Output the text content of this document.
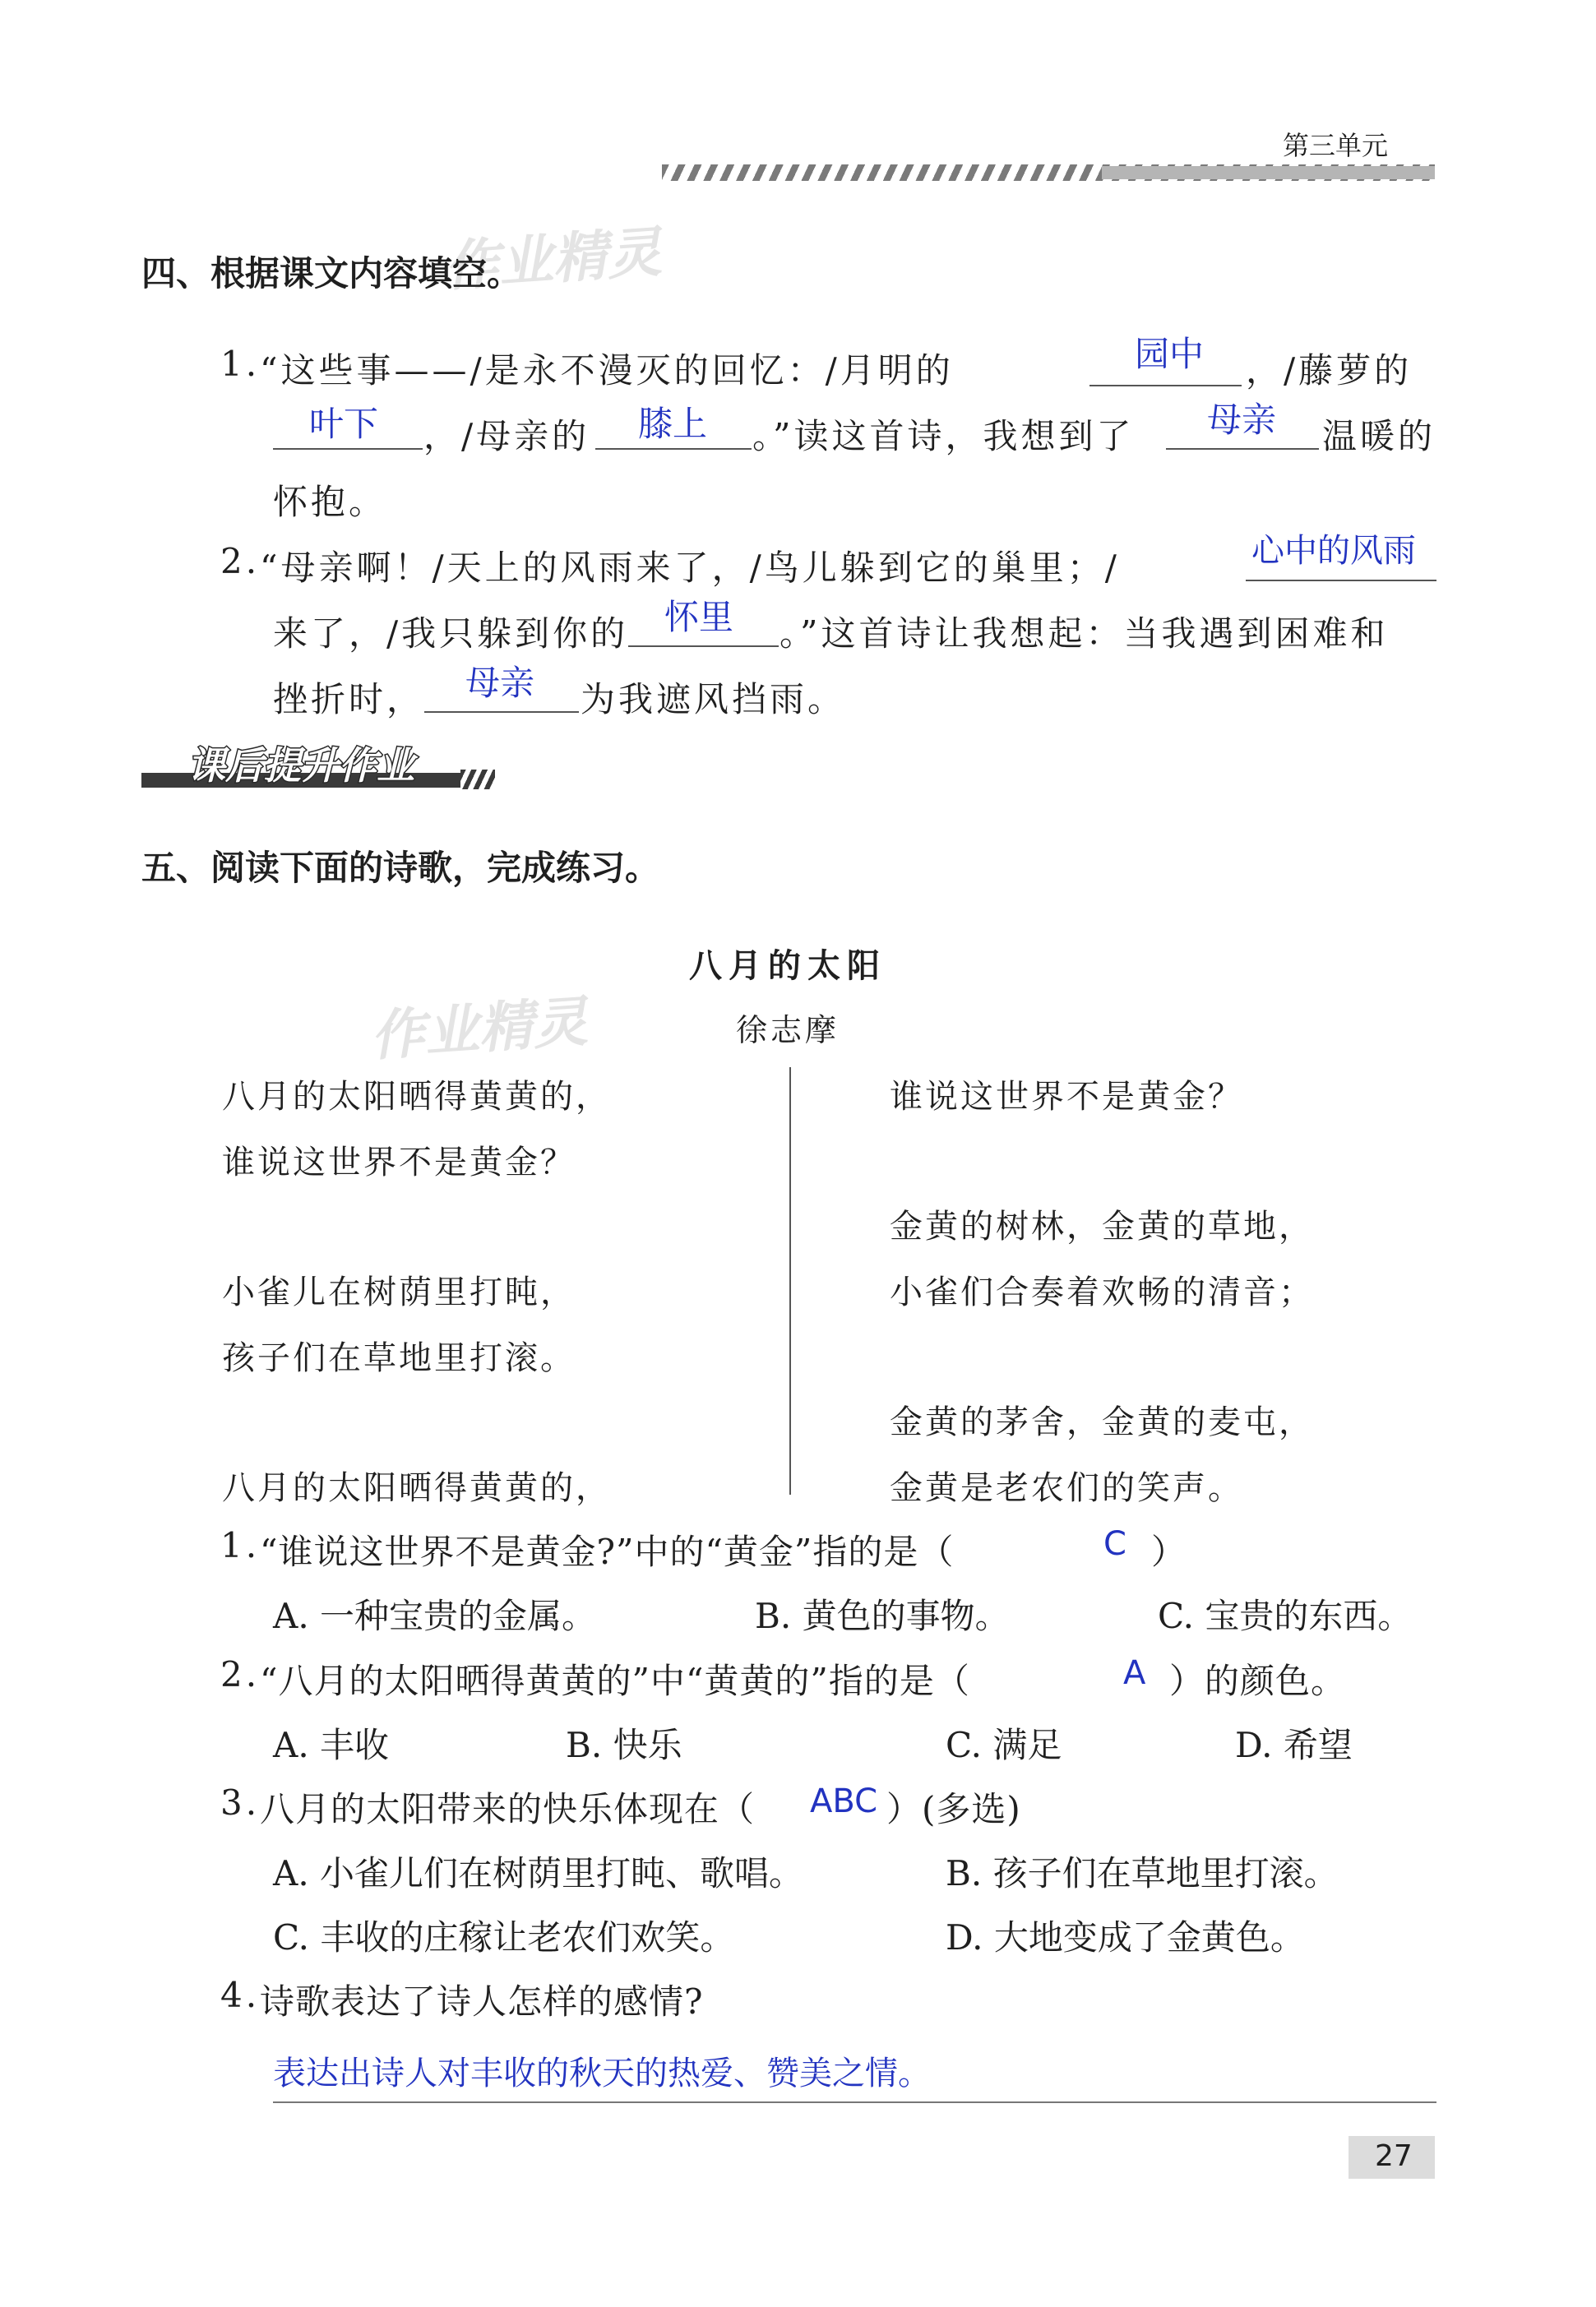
第三单元
作业精灵
作业精灵
四、根据课文内容填空。
1. “这些事——/是永不漫灭的回忆：/月明的	园中 ，/藤萝的
叶下 ，/母亲的 膝上 。”读这首诗，我想到了 母亲 温暖的
怀抱。
2. “母亲啊！/天上的风雨来了，/鸟儿躲到它的巢里；/	心中的风雨
来了，/我只躲到你的 怀里 。”这首诗让我想起：当我遇到困难和
挫折时， 母亲 为我遮风挡雨。
课后提升作业
五、阅读下面的诗歌，完成练习。
八月的太阳
徐志摩
八月的太阳晒得黄黄的，
谁说这世界不是黄金？
小雀儿在树荫里打盹，
孩子们在草地里打滚。
八月的太阳晒得黄黄的，
谁说这世界不是黄金？
金黄的树林，金黄的草地，
小雀们合奏着欢畅的清音；
金黄的茅舍，金黄的麦屯，
金黄是老农们的笑声。
1. “谁说这世界不是黄金?”中的“黄金”指的是（	C ）
A. 一种宝贵的金属。	B. 黄色的事物。	C. 宝贵的东西。
2. “八月的太阳晒得黄黄的”中“黄黄的”指的是（	A ）的颜色。
A. 丰收	B. 快乐	C. 满足	D. 希望
3. 八月的太阳带来的快乐体现在（ ABC ）(多选)
A. 小雀儿们在树荫里打盹、歌唱。	B. 孩子们在草地里打滚。
C. 丰收的庄稼让老农们欢笑。	D. 大地变成了金黄色。
4. 诗歌表达了诗人怎样的感情?
表达出诗人对丰收的秋天的热爱、赞美之情。
27
